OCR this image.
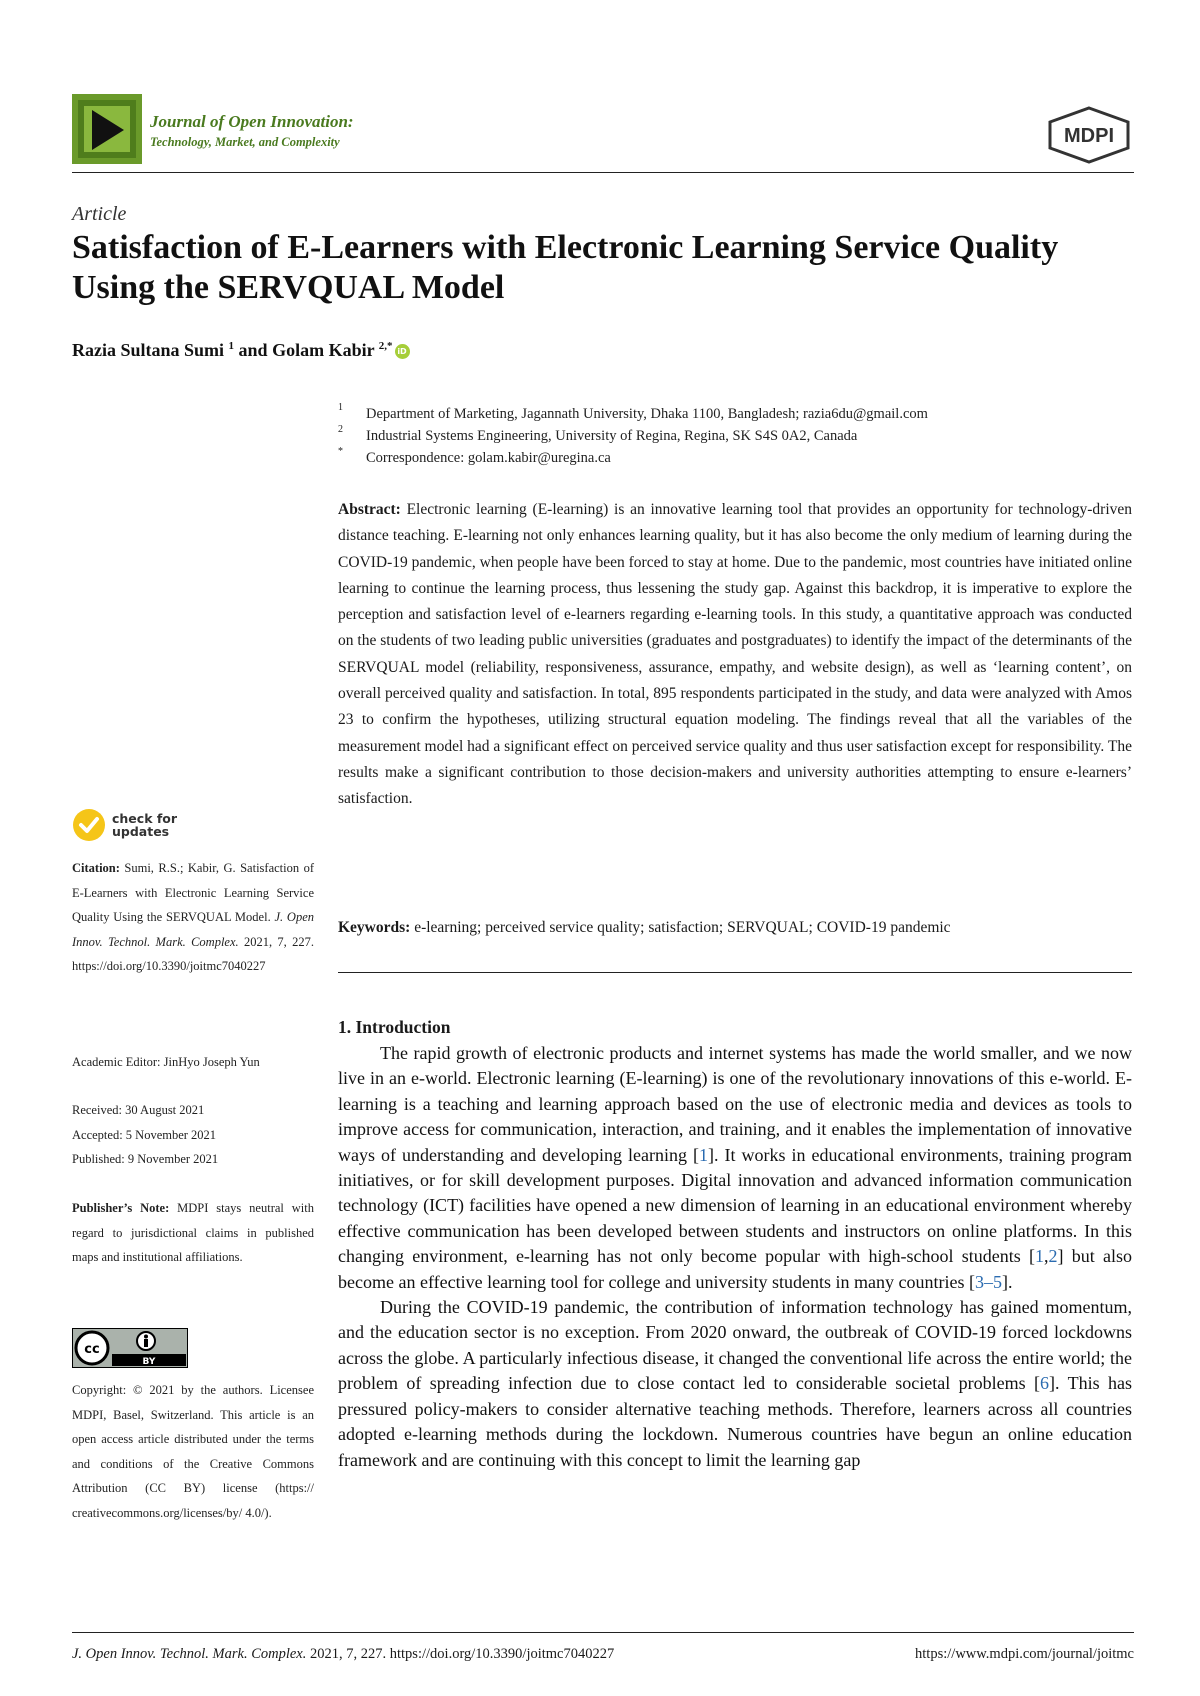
Journal of Open Innovation:
Technology, Market, and Complexity	MDPI
Article
Satisfaction of E-Learners with Electronic Learning Service Quality Using the SERVQUAL Model
Razia Sultana Sumi $^1$ and Golam Kabir $^{2,*}$ iD
1 Department of Marketing, Jagannath University, Dhaka 1100, Bangladesh; razia6du@gmail.com
2 Industrial Systems Engineering, University of Regina, Regina, SK S4S 0A2, Canada
* Correspondence: golam.kabir@uregina.ca
Abstract: Electronic learning (E-learning) is an innovative learning tool that provides an opportunity for technology-driven distance teaching. E-learning not only enhances learning quality, but it has also become the only medium of learning during the COVID-19 pandemic, when people have been forced to stay at home. Due to the pandemic, most countries have initiated online learning to continue the learning process, thus lessening the study gap. Against this backdrop, it is imperative to explore the perception and satisfaction level of e-learners regarding e-learning tools. In this study, a quantitative approach was conducted on the students of two leading public universities (graduates and postgraduates) to identify the impact of the determinants of the SERVQUAL model (reliability, responsiveness, assurance, empathy, and website design), as well as ‘learning content’, on overall perceived quality and satisfaction. In total, 895 respondents participated in the study, and data were analyzed with Amos 23 to confirm the hypotheses, utilizing structural equation modeling. The findings reveal that all the variables of the measurement model had a significant effect on perceived service quality and thus user satisfaction except for responsibility. The results make a significant contribution to those decision-makers and university authorities attempting to ensure e-learners’ satisfaction.
Keywords: e-learning; perceived service quality; satisfaction; SERVQUAL; COVID-19 pandemic
1. Introduction

The rapid growth of electronic products and internet systems has made the world smaller, and we now live in an e-world. Electronic learning (E-learning) is one of the revolutionary innovations of this e-world. E-learning is a teaching and learning approach based on the use of electronic media and devices as tools to improve access for communication, interaction, and training, and it enables the implementation of innovative ways of understanding and developing learning [1]. It works in educational environments, training program initiatives, or for skill development purposes. Digital innovation and advanced information communication technology (ICT) facilities have opened a new dimension of learning in an educational environment whereby effective communication has been developed between students and instructors on online platforms. In this changing environment, e-learning has not only become popular with high-school students [1,2] but also become an effective learning tool for college and university students in many countries [3–5].

During the COVID-19 pandemic, the contribution of information technology has gained momentum, and the education sector is no exception. From 2020 onward, the outbreak of COVID-19 forced lockdowns across the globe. A particularly infectious disease, it changed the conventional life across the entire world; the problem of spreading infection due to close contact led to considerable societal problems [6]. This has pressured policy-makers to consider alternative teaching methods. Therefore, learners across all countries adopted e-learning methods during the lockdown. Numerous countries have begun an online education framework and are continuing with this concept to limit the learning gap

check for
updates
Citation: Sumi, R.S.; Kabir, G. Satisfaction of E-Learners with Electronic Learning Service Quality Using the SERVQUAL Model. J. Open Innov. Technol. Mark. Complex. 2021, 7, 227. https://doi.org/10.3390/joitmc7040227
Academic Editor: JinHyo Joseph Yun

Received: 30 August 2021

Accepted: 5 November 2021

Published: 9 November 2021

Publisher’s Note: MDPI stays neutral with regard to jurisdictional claims in published maps and institutional affiliations.
cc
BY
Copyright: © 2021 by the authors. Licensee MDPI, Basel, Switzerland. This article is an open access article distributed under the terms and conditions of the Creative Commons Attribution (CC BY) license (https:// creativecommons.org/licenses/by/ 4.0/).
J. Open Innov. Technol. Mark. Complex. 2021, 7, 227. https://doi.org/10.3390/joitmc7040227	https://www.mdpi.com/journal/joitmc
